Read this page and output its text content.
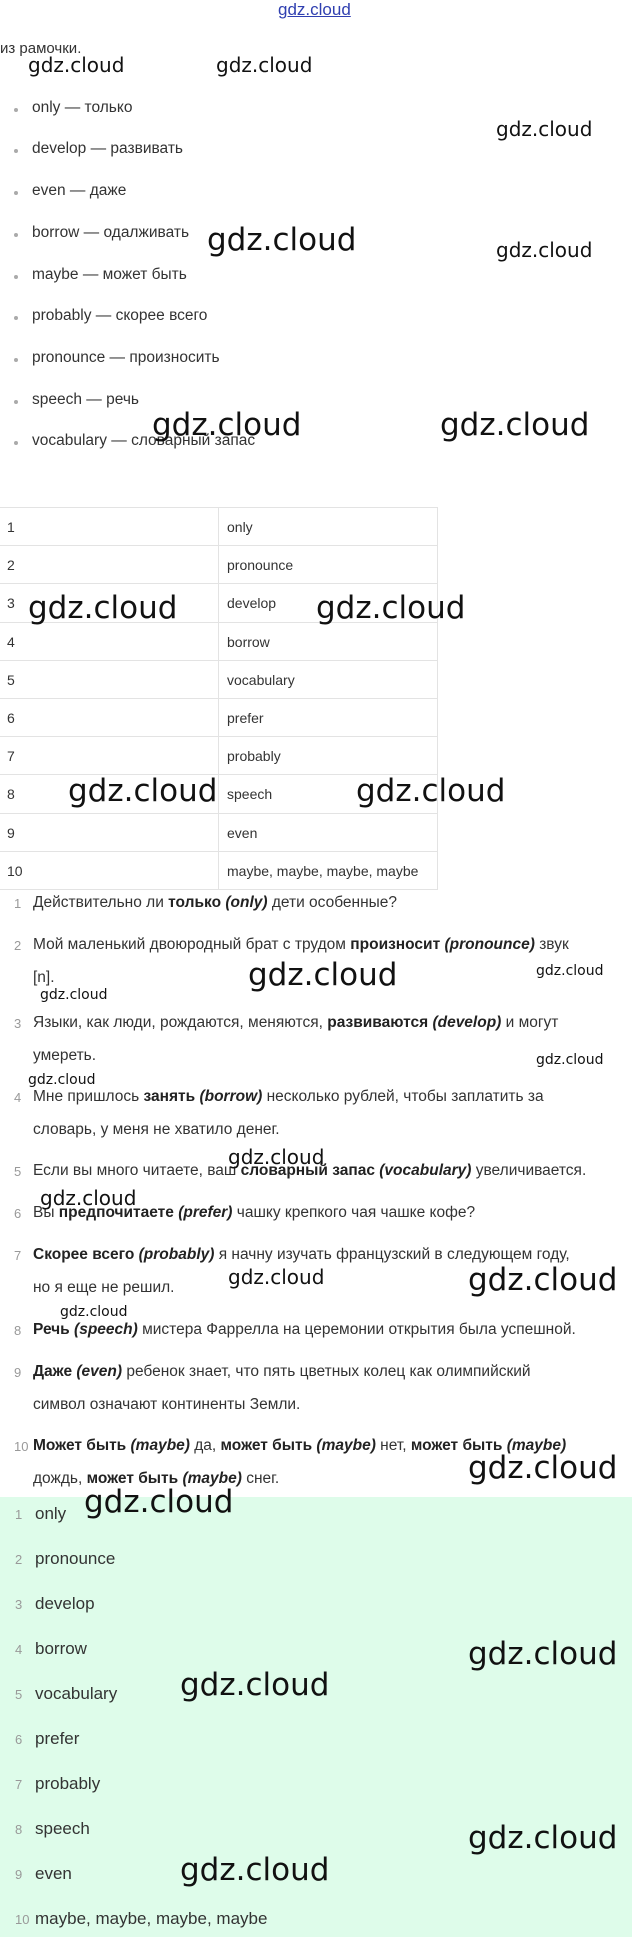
gdz.cloud
из рамочки.
only — только
develop — развивать
even — даже
borrow — одалживать
maybe — может быть
probably — скорее всего
pronounce — произносить
speech — речь
vocabulary — словарный запас
1	only
2	pronounce
3	develop
4	borrow
5	vocabulary
6	prefer
7	probably
8	speech
9	even
10	maybe, maybe, maybe, maybe
1 Действительно ли только (only) дети особенные?
2 Мой маленький двоюродный брат с трудом произносит (pronounce) звук
[n].
3 Языки, как люди, рождаются, меняются, развиваются (develop) и могут
умереть.
4 Мне пришлось занять (borrow) несколько рублей, чтобы заплатить за
словарь, у меня не хватило денег.
5 Если вы много читаете, ваш словарный запас (vocabulary) увеличивается.
6 Вы предпочитаете (prefer) чашку крепкого чая чашке кофе?
7 Скорее всего (probably) я начну изучать французский в следующем году,
но я еще не решил.
8 Речь (speech) мистера Фаррелла на церемонии открытия была успешной.
9 Даже (even) ребенок знает, что пять цветных колец как олимпийский
символ означают континенты Земли.
10 Может быть (maybe) да, может быть (maybe) нет, может быть (maybe)
дождь, может быть (maybe) снег.
1 only
2 pronounce
3 develop
4 borrow
5 vocabulary
6 prefer
7 probably
8 speech
9 even
10 maybe, maybe, maybe, maybe
gdz.cloud	gdz.cloud
gdz.cloud
gdz.cloud	gdz.cloud
gdz.cloud	gdz.cloud
gdz.cloud	gdz.cloud
gdz.cloud	gdz.cloud
gdz.cloud
gdz.cloud	gdz.cloud
gdz.cloud
gdz.cloud
gdz.cloud
gdz.cloud
gdz.cloud	gdz.cloud
gdz.cloud
gdz.cloud
gdz.cloud
gdz.cloud
gdz.cloud
gdz.cloud
gdz.cloud
